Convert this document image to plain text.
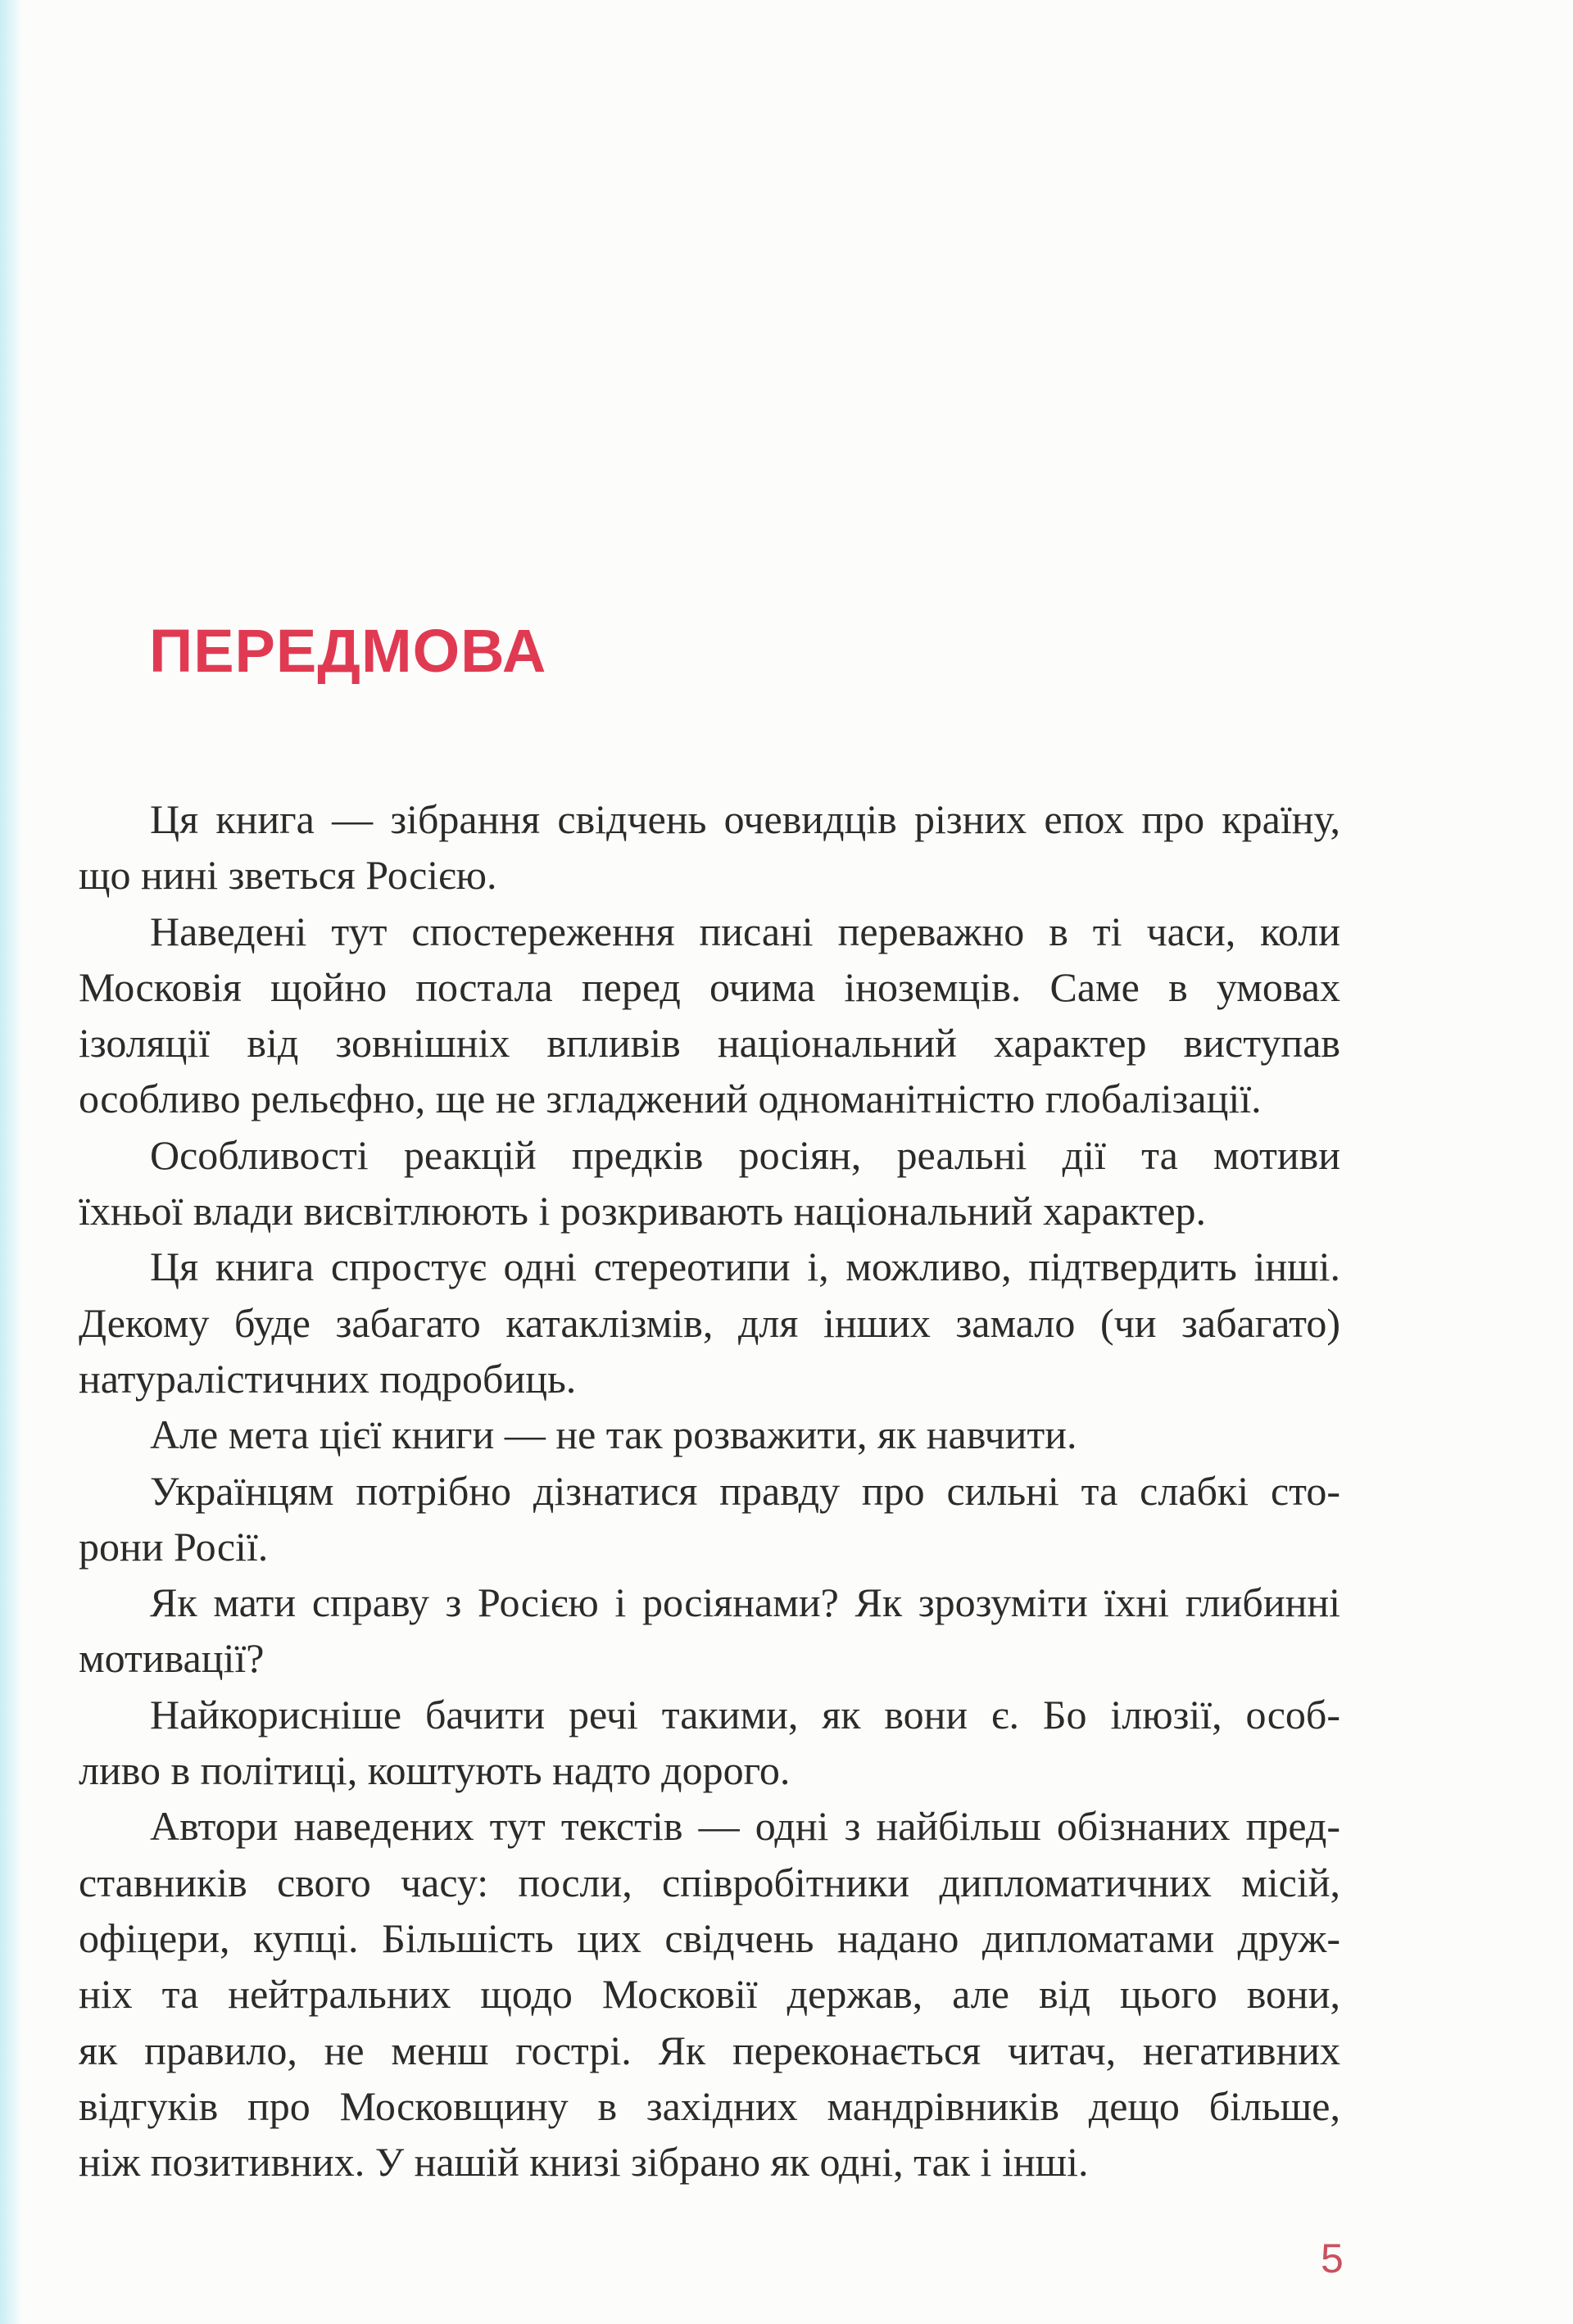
ПЕРЕДМОВА
Ця книга — зібрання свідчень очевидців різних епох про країну,
що нині зветься Росією.
Наведені тут спостереження писані переважно в ті часи, коли
Московія щойно постала перед очима іноземців. Саме в умовах
ізоляції від зовнішніх впливів національний характер виступав
особливо рельєфно, ще не згладжений одноманітністю глобалізації.
Особливості реакцій предків росіян, реальні дії та мотиви
їхньої влади висвітлюють і розкривають національний характер.
Ця книга спростує одні стереотипи і, можливо, підтвердить інші.
Декому буде забагато катаклізмів, для інших замало (чи забагато)
натуралістичних подробиць.
Але мета цієї книги — не так розважити, як навчити.
Українцям потрібно дізнатися правду про сильні та слабкі сто-
рони Росії.
Як мати справу з Росією і росіянами? Як зрозуміти їхні глибинні
мотивації?
Найкорисніше бачити речі такими, як вони є. Бо ілюзії, особ-
ливо в політиці, коштують надто дорого.
Автори наведених тут текстів — одні з найбільш обізнаних пред-
ставників свого часу: посли, співробітники дипломатичних місій,
офіцери, купці. Більшість цих свідчень надано дипломатами друж-
ніх та нейтральних щодо Московії держав, але від цього вони,
як правило, не менш гострі. Як переконається читач, негативних
відгуків про Московщину в західних мандрівників дещо більше,
ніж позитивних. У нашій книзі зібрано як одні, так і інші.
5
